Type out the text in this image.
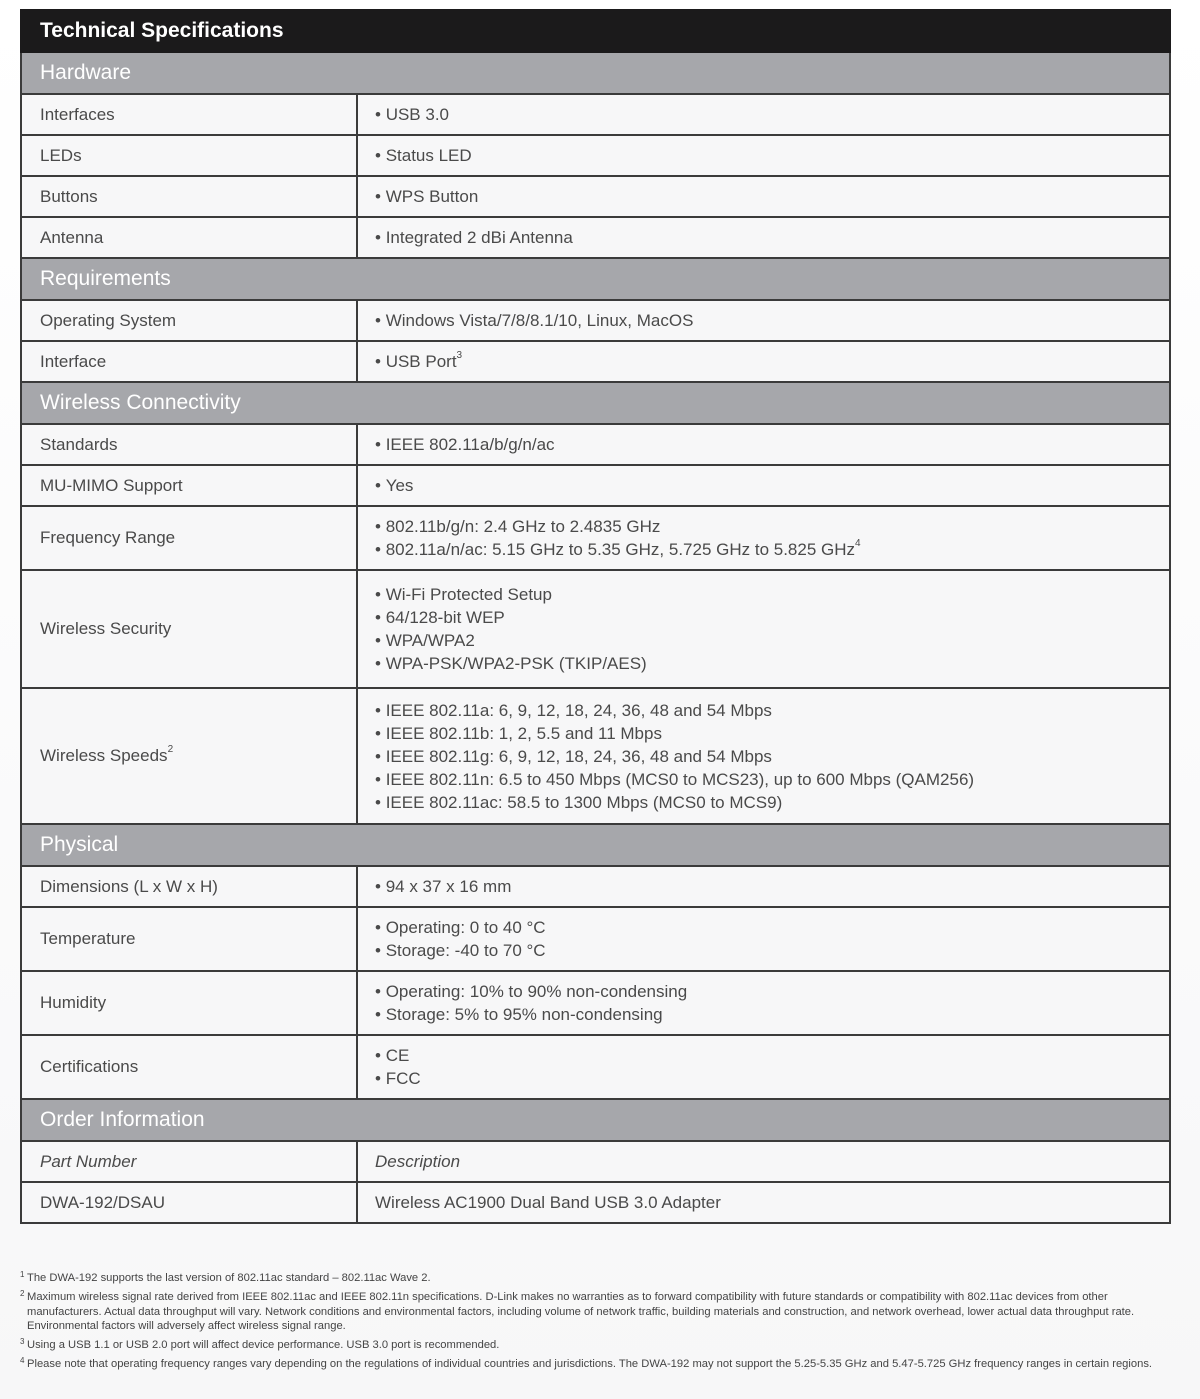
Technical Specifications	
Hardware	
Interfaces	• USB 3.0

LEDs	• Status LED

Buttons	• WPS Button

Antenna	• Integrated 2 dBi Antenna

Requirements	
Operating System	• Windows Vista/7/8/8.1/10, Linux, MacOS

Interface	• USB Port$^3$

Wireless Connectivity	
Standards	• IEEE 802.11a/b/g/n/ac

MU-MIMO Support	• Yes

Frequency Range	• 802.11b/g/n: 2.4 GHz to 2.4835 GHz
• 802.11a/n/ac: 5.15 GHz to 5.35 GHz, 5.725 GHz to 5.825 GHz$^4$

Wireless Security	• Wi-Fi Protected Setup
• 64/128-bit WEP
• WPA/WPA2
• WPA-PSK/WPA2-PSK (TKIP/AES)

Wireless Speeds$^2$	• IEEE 802.11a: 6, 9, 12, 18, 24, 36, 48 and 54 Mbps
• IEEE 802.11b: 1, 2, 5.5 and 11 Mbps
• IEEE 802.11g: 6, 9, 12, 18, 24, 36, 48 and 54 Mbps
• IEEE 802.11n: 6.5 to 450 Mbps (MCS0 to MCS23), up to 600 Mbps (QAM256)
• IEEE 802.11ac: 58.5 to 1300 Mbps (MCS0 to MCS9)

Physical	
Dimensions (L x W x H)	• 94 x 37 x 16 mm

Temperature	• Operating: 0 to 40 °C
• Storage: -40 to 70 °C

Humidity	• Operating: 10% to 90% non-condensing
• Storage: 5% to 95% non-condensing

Certifications	• CE
• FCC

Order Information	
Part Number	Description
DWA-192/DSAU	Wireless AC1900 Dual Band USB 3.0 Adapter
1 The DWA-192 supports the last version of 802.11ac standard – 802.11ac Wave 2.
2 Maximum wireless signal rate derived from IEEE 802.11ac and IEEE 802.11n specifications. D-Link makes no warranties as to forward compatibility with future standards or compatibility with 802.11ac devices from other manufacturers. Actual data throughput will vary. Network conditions and environmental factors, including volume of network traffic, building materials and construction, and network overhead, lower actual data throughput rate. Environmental factors will adversely affect wireless signal range.
3 Using a USB 1.1 or USB 2.0 port will affect device performance. USB 3.0 port is recommended.
4 Please note that operating frequency ranges vary depending on the regulations of individual countries and jurisdictions. The DWA-192 may not support the 5.25-5.35 GHz and 5.47-5.725 GHz frequency ranges in certain regions.
